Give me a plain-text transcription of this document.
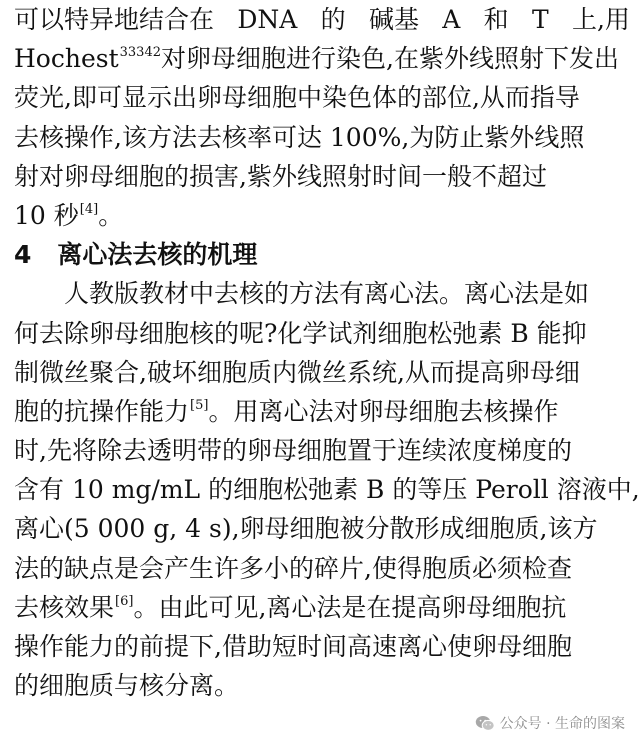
可以特异地结合在 DNA 的 碱基 A 和 T 上,用
Hochest$^{33342}$对卵母细胞进行染色,在紫外线照射下发出
荧光,即可显示出卵母细胞中染色体的部位,从而指导
去核操作,该方法去核率可达 100%,为防止紫外线照
射对卵母细胞的损害,紫外线照射时间一般不超过
10 秒[4]。
4 离心法去核的机理
人教版教材中去核的方法有离心法。离心法是如
何去除卵母细胞核的呢?化学试剂细胞松弛素 B 能抑
制微丝聚合,破坏细胞质内微丝系统,从而提高卵母细
胞的抗操作能力[5]。用离心法对卵母细胞去核操作
时,先将除去透明带的卵母细胞置于连续浓度梯度的
含有 10 mg/mL 的细胞松弛素 B 的等压 Peroll 溶液中,
离心(5 000 g, 4 s),卵母细胞被分散形成细胞质,该方
法的缺点是会产生许多小的碎片,使得胞质必须检查
去核效果[6]。由此可见,离心法是在提高卵母细胞抗
操作能力的前提下,借助短时间高速离心使卵母细胞
的细胞质与核分离。
公众号 · 生命的图案
